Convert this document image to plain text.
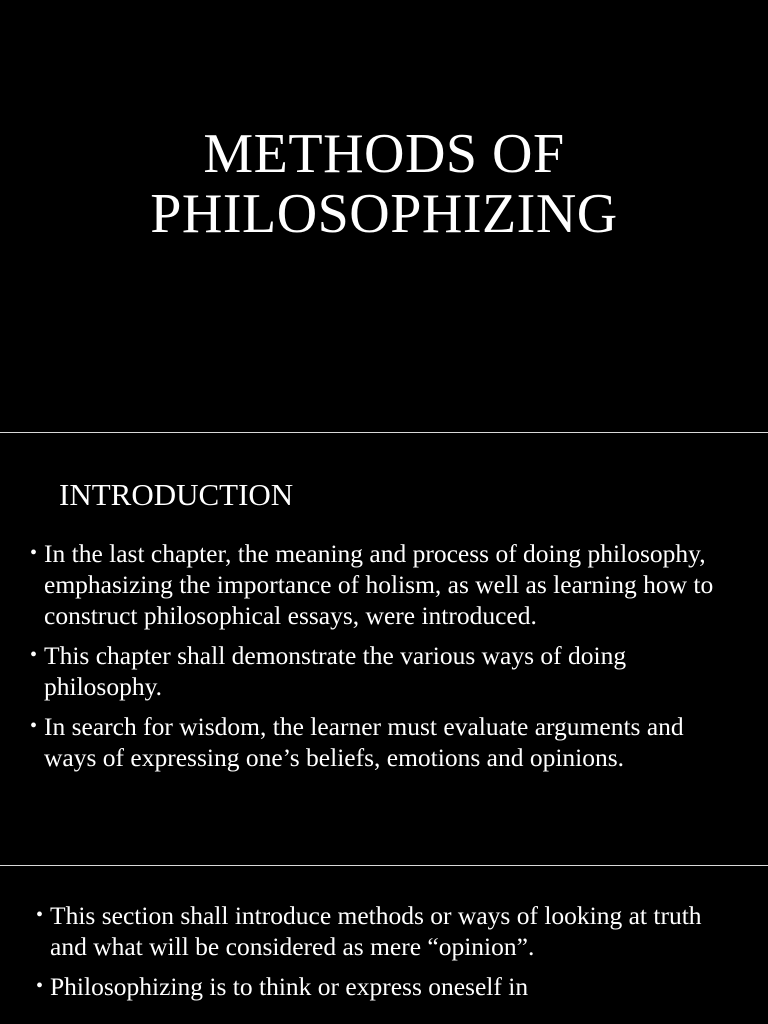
METHODS OF
PHILOSOPHIZING
INTRODUCTION
• In the last chapter, the meaning and process of doing philosophy, emphasizing the importance of holism, as well as learning how to construct philosophical essays, were introduced.
• This chapter shall demonstrate the various ways of doing philosophy.
• In search for wisdom, the learner must evaluate arguments and ways of expressing one’s beliefs, emotions and opinions.
• This section shall introduce methods or ways of looking at truth and what will be considered as mere “opinion”.
• Philosophizing is to think or express oneself in
